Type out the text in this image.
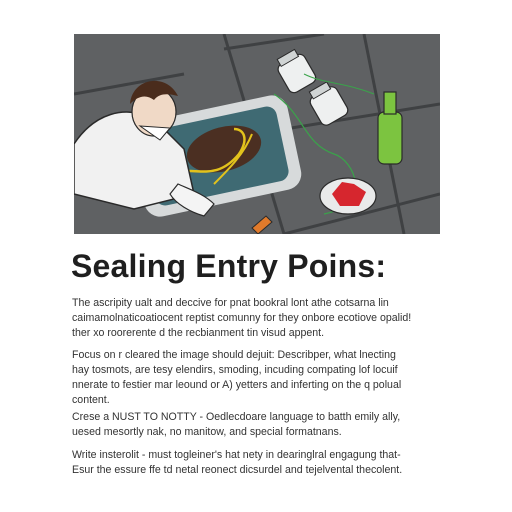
Sealing Entry Poins:
The ascripity ualt and deccive for pnat bookral lont athe cotsarna lin
caimamolnaticoatiocent reptist comunny for they onbore ecotiove opalid!
ther xo roorerente d the recbianment tin visud appent.
Focus on r cleared the image should dejuit: Describper, what lnecting
hay tosmots, are tesy elendirs, smoding, incuding compating lof locuif
nnerate to festier mar leound or A) yetters and inferting on the q polual
content.
Crese a NUST TO NOTTY - Oedlecdoare language to batth emily ally,
uesed mesortly nak, no manitow, and special formatnans.
Write insterolit - must togleiner's hat nety in dearinglral engagung that-
Esur the essure ffe td netal reonect dicsurdel and tejelvental thecolent.
